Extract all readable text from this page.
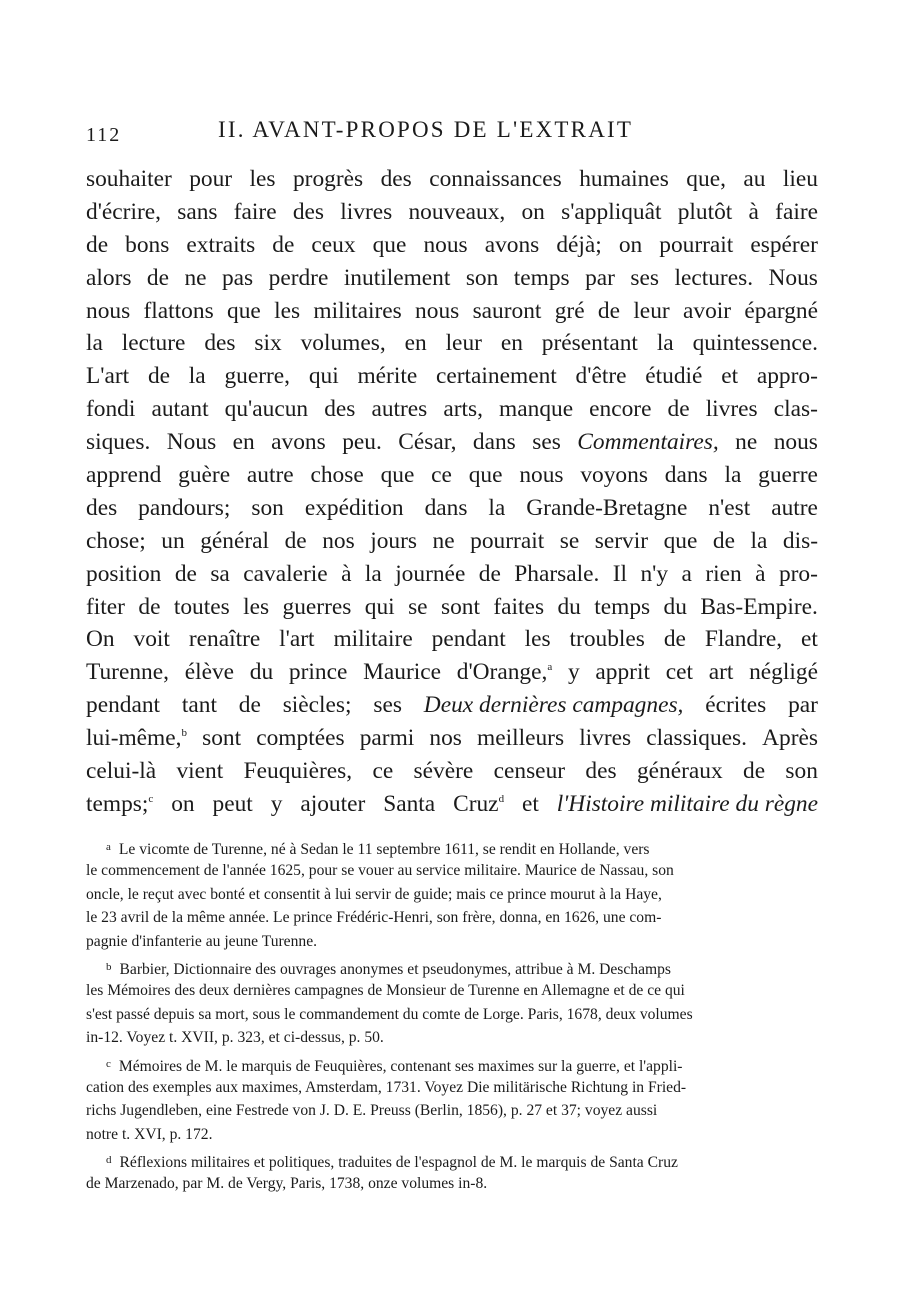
112	II. AVANT-PROPOS DE L'EXTRAIT
souhaiter pour les progrès des connaissances humaines que, au lieu
d'écrire, sans faire des livres nouveaux, on s'appliquât plutôt à faire
de bons extraits de ceux que nous avons déjà; on pourrait espérer
alors de ne pas perdre inutilement son temps par ses lectures. Nous
nous flattons que les militaires nous sauront gré de leur avoir épargné
la lecture des six volumes, en leur en présentant la quintessence.
L'art de la guerre, qui mérite certainement d'être étudié et appro-
fondi autant qu'aucun des autres arts, manque encore de livres clas-
siques. Nous en avons peu. César, dans ses Commentaires, ne nous
apprend guère autre chose que ce que nous voyons dans la guerre
des pandours; son expédition dans la Grande-Bretagne n'est autre
chose; un général de nos jours ne pourrait se servir que de la dis-
position de sa cavalerie à la journée de Pharsale. Il n'y a rien à pro-
fiter de toutes les guerres qui se sont faites du temps du Bas-Empire.
On voit renaître l'art militaire pendant les troubles de Flandre, et
Turenne, élève du prince Maurice d'Orange,$^a$ y apprit cet art négligé
pendant tant de siècles; ses Deux dernières campagnes, écrites par
lui-même,$^b$ sont comptées parmi nos meilleurs livres classiques. Après
celui-là vient Feuquières, ce sévère censeur des généraux de son
temps;$^c$ on peut y ajouter Santa Cruz$^d$ et l'Histoire militaire du règne
$^a$ Le vicomte de Turenne, né à Sedan le 11 septembre 1611, se rendit en Hollande, vers
le commencement de l'année 1625, pour se vouer au service militaire. Maurice de Nassau, son
oncle, le reçut avec bonté et consentit à lui servir de guide; mais ce prince mourut à la Haye,
le 23 avril de la même année. Le prince Frédéric-Henri, son frère, donna, en 1626, une com-
pagnie d'infanterie au jeune Turenne.
$^b$ Barbier, Dictionnaire des ouvrages anonymes et pseudonymes, attribue à M. Deschamps
les Mémoires des deux dernières campagnes de Monsieur de Turenne en Allemagne et de ce qui
s'est passé depuis sa mort, sous le commandement du comte de Lorge. Paris, 1678, deux volumes
in-12. Voyez t. XVII, p. 323, et ci-dessus, p. 50.
$^c$ Mémoires de M. le marquis de Feuquières, contenant ses maximes sur la guerre, et l'appli-
cation des exemples aux maximes, Amsterdam, 1731. Voyez Die militärische Richtung in Fried-
richs Jugendleben, eine Festrede von J. D. E. Preuss (Berlin, 1856), p. 27 et 37; voyez aussi
notre t. XVI, p. 172.
$^d$ Réflexions militaires et politiques, traduites de l'espagnol de M. le marquis de Santa Cruz
de Marzenado, par M. de Vergy, Paris, 1738, onze volumes in-8.
